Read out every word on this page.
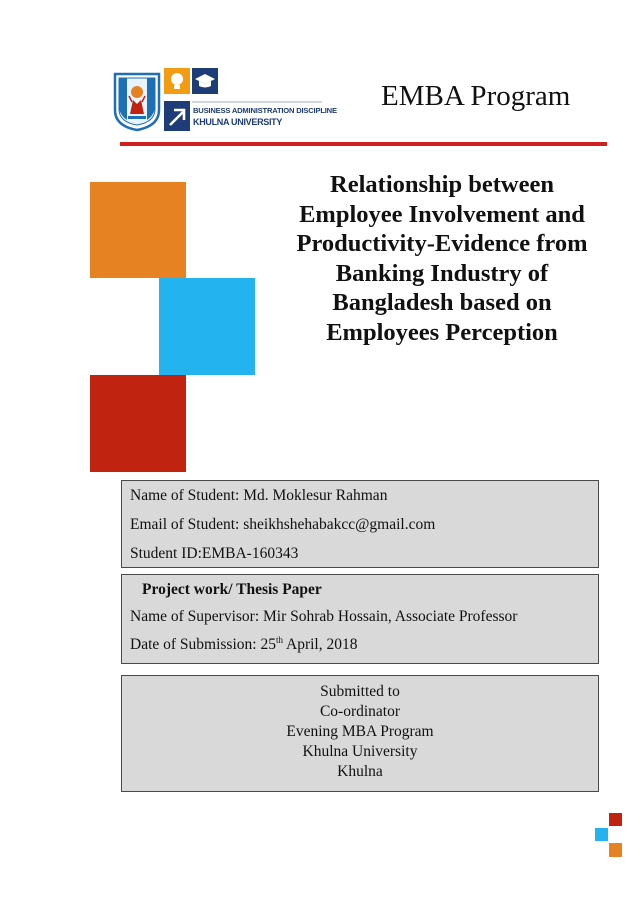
BUSINESS ADMINISTRATION DISCIPLINE
KHULNA UNIVERSITY
EMBA Program
Relationship between
Employee Involvement and
Productivity-Evidence from
Banking Industry of
Bangladesh based on
Employees Perception
Name of Student: Md. Moklesur Rahman
Email of Student: sheikhshehabakcc@gmail.com
Student ID:EMBA-160343
Project work/ Thesis Paper
Name of Supervisor: Mir Sohrab Hossain, Associate Professor
Date of Submission: 25th April, 2018
Submitted to
Co-ordinator
Evening MBA Program
Khulna University
Khulna
